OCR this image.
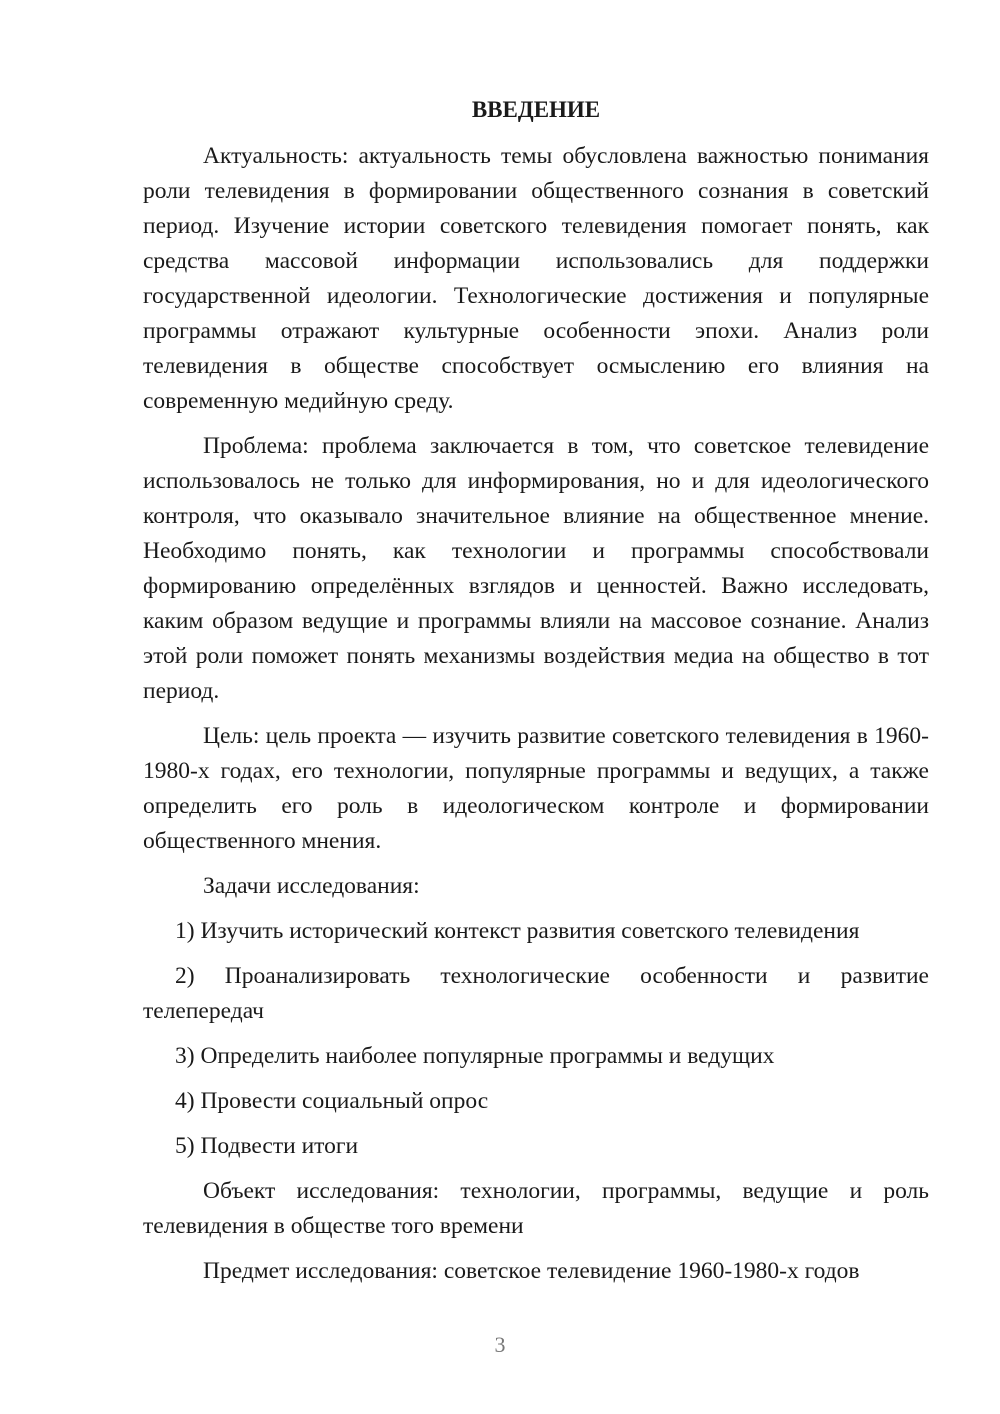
ВВЕДЕНИЕ

Актуальность: актуальность темы обусловлена важностью понимания роли телевидения в формировании общественного сознания в советский период. Изучение истории советского телевидения помогает понять, как средства массовой информации использовались для поддержки государственной идеологии. Технологические достижения и популярные программы отражают культурные особенности эпохи. Анализ роли телевидения в обществе способствует осмыслению его влияния на современную медийную среду.

Проблема: проблема заключается в том, что советское телевидение использовалось не только для информирования, но и для идеологического контроля, что оказывало значительное влияние на общественное мнение. Необходимо понять, как технологии и программы способствовали формированию определённых взглядов и ценностей. Важно исследовать, каким образом ведущие и программы влияли на массовое сознание. Анализ этой роли поможет понять механизмы воздействия медиа на общество в тот период.

Цель: цель проекта — изучить развитие советского телевидения в 1960-1980-х годах, его технологии, популярные программы и ведущих, а также определить его роль в идеологическом контроле и формировании общественного мнения.

Задачи исследования:

1) Изучить исторический контекст развития советского телевидения

2) Проанализировать технологические особенности и развитие телепередач

3) Определить наиболее популярные программы и ведущих

4) Провести социальный опрос

5) Подвести итоги

Объект исследования: технологии, программы, ведущие и роль телевидения в обществе того времени

Предмет исследования: советское телевидение 1960-1980-х годов

3
